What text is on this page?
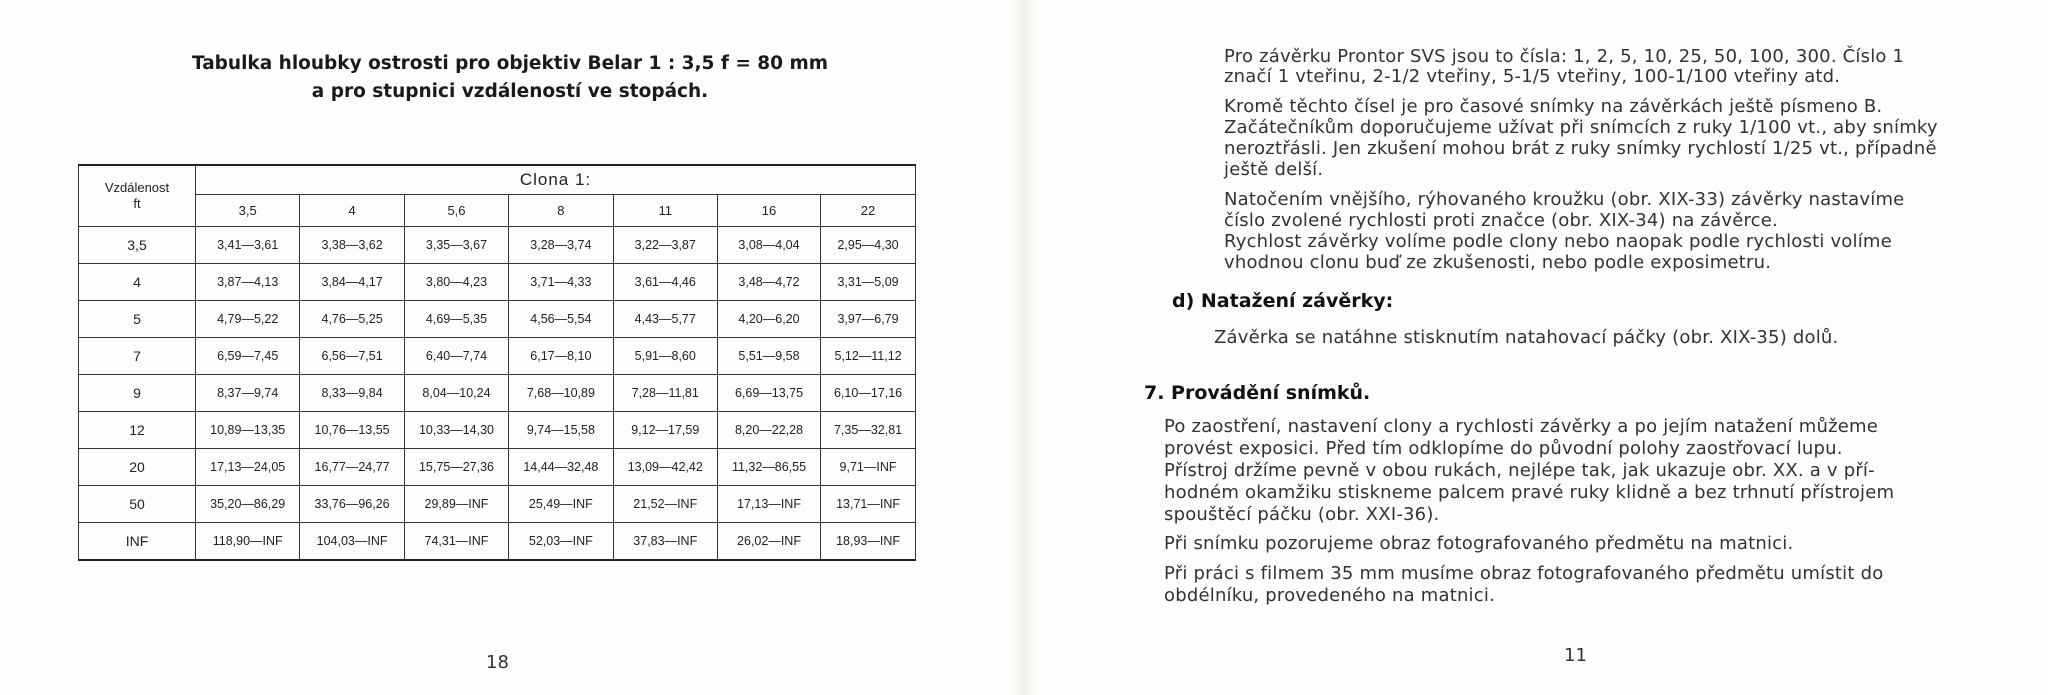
Tabulka hloubky ostrosti pro objektiv Belar 1 : 3,5 f = 80 mm
a pro stupnici vzdáleností ve stopách.
Vzdálenost
ft	Clona 1:						
	3,5	4	5,6	8	11	16	22
3,5	3,41—3,61	3,38—3,62	3,35—3,67	3,28—3,74	3,22—3,87	3,08—4,04	2,95—4,30
4	3,87—4,13	3,84—4,17	3,80—4,23	3,71—4,33	3,61—4,46	3,48—4,72	3,31—5,09
5	4,79—5,22	4,76—5,25	4,69—5,35	4,56—5,54	4,43—5,77	4,20—6,20	3,97—6,79
7	6,59—7,45	6,56—7,51	6,40—7,74	6,17—8,10	5,91—8,60	5,51—9,58	5,12—11,12
9	8,37—9,74	8,33—9,84	8,04—10,24	7,68—10,89	7,28—11,81	6,69—13,75	6,10—17,16
12	10,89—13,35	10,76—13,55	10,33—14,30	9,74—15,58	9,12—17,59	8,20—22,28	7,35—32,81
20	17,13—24,05	16,77—24,77	15,75—27,36	14,44—32,48	13,09—42,42	11,32—86,55	9,71—INF
50	35,20—86,29	33,76—96,26	29,89—INF	25,49—INF	21,52—INF	17,13—INF	13,71—INF
INF	118,90—INF	104,03—INF	74,31—INF	52,03—INF	37,83—INF	26,02—INF	18,93—INF
18
Pro závěrku Prontor SVS jsou to čísla: 1, 2, 5, 10, 25, 50, 100, 300. Číslo 1
značí 1 vteřinu, 2-1/2 vteřiny, 5-1/5 vteřiny, 100-1/100 vteřiny atd.
Kromě těchto čísel je pro časové snímky na závěrkách ještě písmeno B.
Začátečníkům doporučujeme užívat při snímcích z ruky 1/100 vt., aby snímky
neroztřásli. Jen zkušení mohou brát z ruky snímky rychlostí 1/25 vt., případně
ještě delší.
Natočením vnějšího, rýhovaného kroužku (obr. XIX-33) závěrky nastavíme
číslo zvolené rychlosti proti značce (obr. XIX-34) na závěrce.
Rychlost závěrky volíme podle clony nebo naopak podle rychlosti volíme
vhodnou clonu buď ze zkušenosti, nebo podle exposimetru.
d) Natažení závěrky:
Závěrka se natáhne stisknutím natahovací páčky (obr. XIX-35) dolů.
7. Provádění snímků.
Po zaostření, nastavení clony a rychlosti závěrky a po jejím natažení můžeme
provést exposici. Před tím odklopíme do původní polohy zaostřovací lupu.
Přístroj držíme pevně v obou rukách, nejlépe tak, jak ukazuje obr. XX. a v pří-
hodném okamžiku stiskneme palcem pravé ruky klidně a bez trhnutí přístrojem
spouštěcí páčku (obr. XXI-36).
Při snímku pozorujeme obraz fotografovaného předmětu na matnici.
Při práci s filmem 35 mm musíme obraz fotografovaného předmětu umístit do
obdélníku, provedeného na matnici.
11
